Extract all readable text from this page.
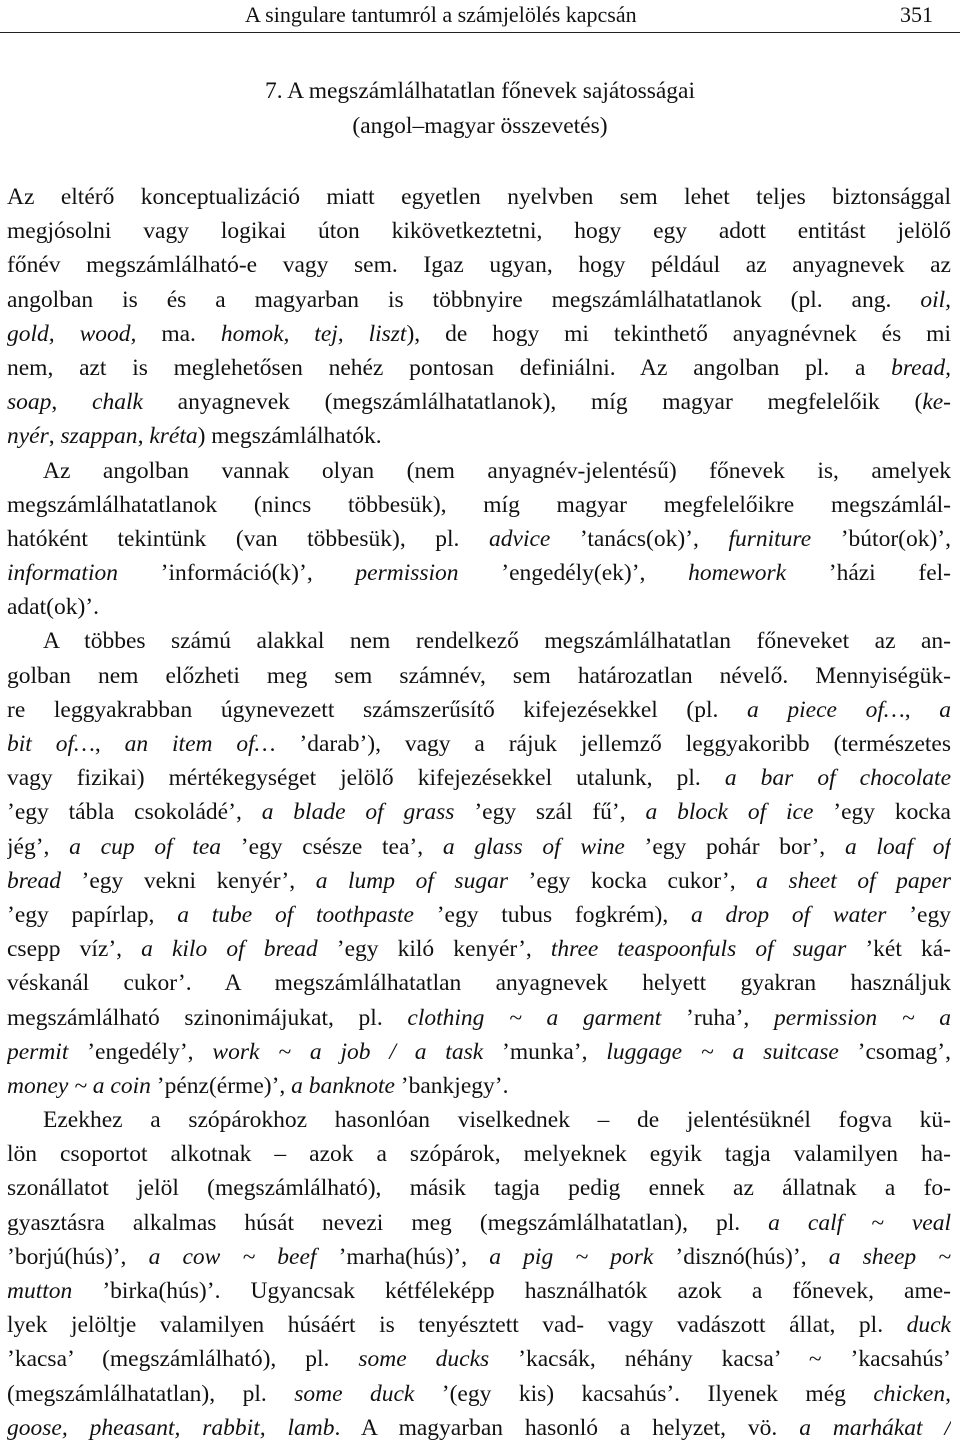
A singulare tantumról a számjelölés kapcsán	351
7. A megszámlálhatatlan főnevek sajátosságai
(angol–magyar összevetés)
Az eltérő konceptualizáció miatt egyetlen nyelvben sem lehet teljes biztonsággal
megjósolni vagy logikai úton kikövetkeztetni, hogy egy adott entitást jelölő
főnév megszámlálható-e vagy sem. Igaz ugyan, hogy például az anyagnevek az
angolban is és a magyarban is többnyire megszámlálhatatlanok (pl. ang. oil,
gold, wood, ma. homok, tej, liszt), de hogy mi tekinthető anyagnévnek és mi
nem, azt is meglehetősen nehéz pontosan definiálni. Az angolban pl. a bread,
soap, chalk anyagnevek (megszámlálhatatlanok), míg magyar megfelelőik (ke-
nyér, szappan, kréta) megszámlálhatók.
Az angolban vannak olyan (nem anyagnév-jelentésű) főnevek is, amelyek
megszámlálhatatlanok (nincs többesük), míg magyar megfelelőikre megszámlál-
hatóként tekintünk (van többesük), pl. advice ’tanács(ok)’, furniture ’bútor(ok)’,
information ’információ(k)’, permission ’engedély(ek)’, homework ’házi fel-
adat(ok)’.
A többes számú alakkal nem rendelkező megszámlálhatatlan főneveket az an-
golban nem előzheti meg sem számnév, sem határozatlan névelő. Mennyiségük-
re leggyakrabban úgynevezett számszerűsítő kifejezésekkel (pl. a piece of…, a
bit of…, an item of… ’darab’), vagy a rájuk jellemző leggyakoribb (természetes
vagy fizikai) mértékegységet jelölő kifejezésekkel utalunk, pl. a bar of chocolate
’egy tábla csokoládé’, a blade of grass ’egy szál fű’, a block of ice ’egy kocka
jég’, a cup of tea ’egy csésze tea’, a glass of wine ’egy pohár bor’, a loaf of
bread ’egy vekni kenyér’, a lump of sugar ’egy kocka cukor’, a sheet of paper
’egy papírlap, a tube of toothpaste ’egy tubus fogkrém), a drop of water ’egy
csepp víz’, a kilo of bread ’egy kiló kenyér’, three teaspoonfuls of sugar ’két ká-
véskanál cukor’. A megszámlálhatatlan anyagnevek helyett gyakran használjuk
megszámlálható szinonimájukat, pl. clothing ~ a garment ’ruha’, permission ~ a
permit ’engedély’, work ~ a job / a task ’munka’, luggage ~ a suitcase ’csomag’,
money ~ a coin ’pénz(érme)’, a banknote ’bankjegy’.
Ezekhez a szópárokhoz hasonlóan viselkednek – de jelentésüknél fogva kü-
lön csoportot alkotnak – azok a szópárok, melyeknek egyik tagja valamilyen ha-
szonállatot jelöl (megszámlálható), másik tagja pedig ennek az állatnak a fo-
gyasztásra alkalmas húsát nevezi meg (megszámlálhatatlan), pl. a calf ~ veal
’borjú(hús)’, a cow ~ beef ’marha(hús)’, a pig ~ pork ’disznó(hús)’, a sheep ~
mutton ’birka(hús)’. Ugyancsak kétféleképp használhatók azok a főnevek, ame-
lyek jelöltje valamilyen húsáért is tenyésztett vad- vagy vadászott állat, pl. duck
’kacsa’ (megszámlálható), pl. some ducks ’kacsák, néhány kacsa’ ~ ’kacsahús’
(megszámlálhatatlan), pl. some duck ’(egy kis) kacsahús’. Ilyenek még chicken,
goose, pheasant, rabbit, lamb. A magyarban hasonló a helyzet, vö. a marhákat /
